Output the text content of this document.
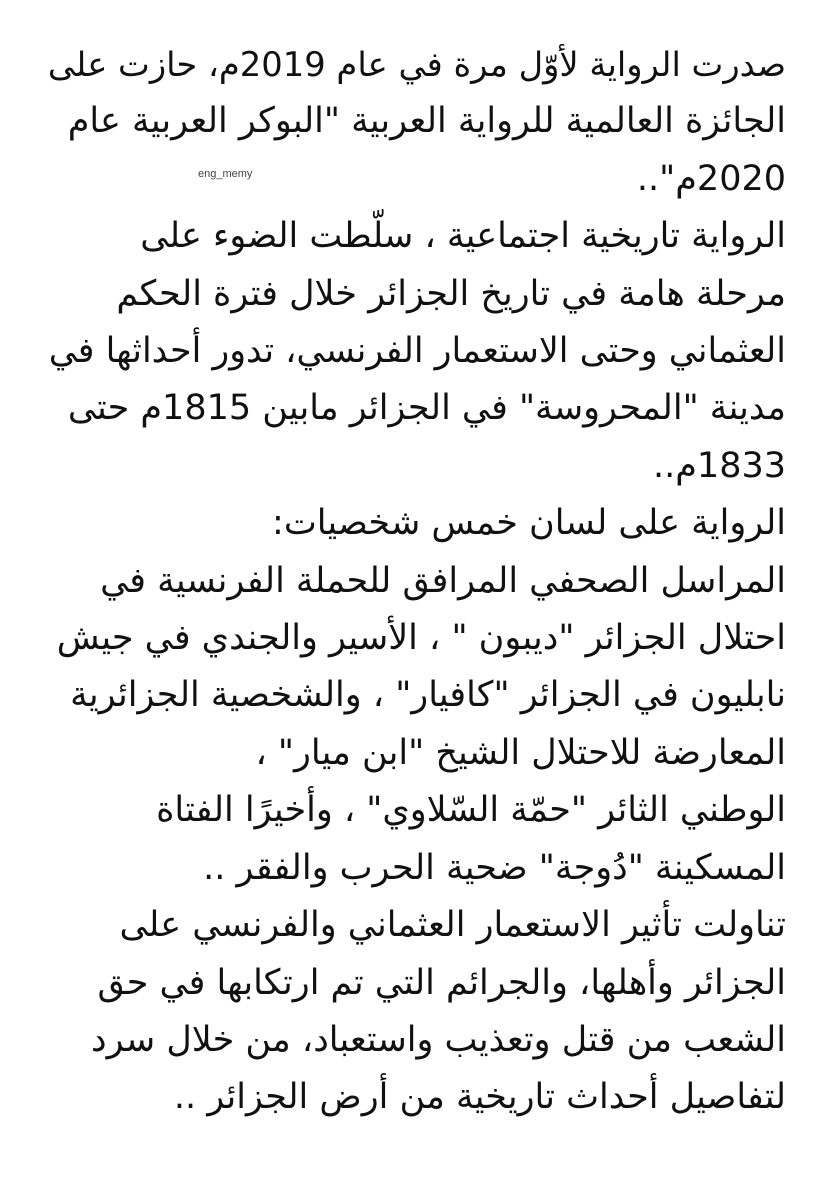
صدرت الرواية لأوّل مرة في عام 2019م، حازت على
الجائزة العالمية للرواية العربية "البوكر العربية عام
2020م"..
الرواية تاريخية اجتماعية ، سلّطت الضوء على
مرحلة هامة في تاريخ الجزائر خلال فترة الحكم
العثماني وحتى الاستعمار الفرنسي، تدور أحداثها في
مدينة "المحروسة" في الجزائر مابين 1815م حتى
1833م..
الرواية على لسان خمس شخصيات:
المراسل الصحفي المرافق للحملة الفرنسية في
احتلال الجزائر "ديبون " ، الأسير والجندي في جيش
نابليون في الجزائر "كافيار" ، والشخصية الجزائرية
المعارضة للاحتلال الشيخ "ابن ميار" ،
الوطني الثائر "حمّة السّلاوي" ، وأخيرًا الفتاة
المسكينة "دُوجة" ضحية الحرب والفقر ..
تناولت تأثير الاستعمار العثماني والفرنسي على
الجزائر وأهلها، والجرائم التي تم ارتكابها في حق
الشعب من قتل وتعذيب واستعباد، من خلال سرد
لتفاصيل أحداث تاريخية من أرض الجزائر ..
eng_memy
